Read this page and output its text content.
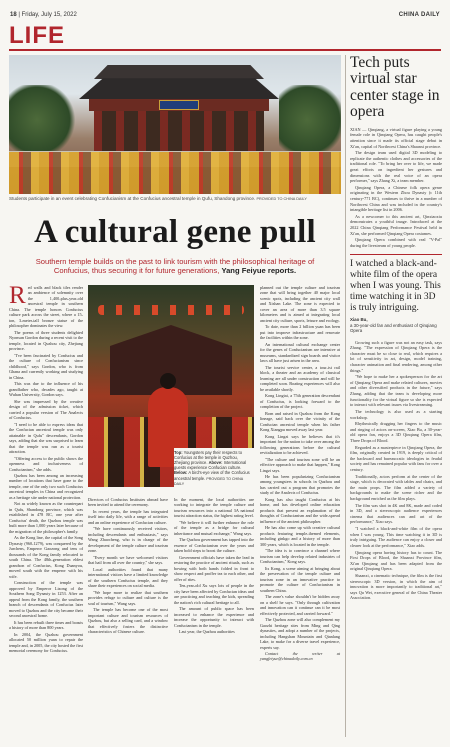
18 | Friday, July 15, 2022	CHINA DAILY
LIFE
Students participate in an event celebrating Confucianism at the Confucius ancestral temple in Qufu, Shandong province. PROVIDED TO CHINA DAILY
A cultural gene pull
Southern temple builds on the past to link tourism with the philosophical heritage of Confucius, thus securing it for future generations, Yang Feiyue reports.
R ed walls and black tiles render an ambience of solemnity over the 1,400-plus-year-old ancestral temple in southern China. The temple honors Confucius culture park across the street, where a 15-ton, 3-meter-tall bronze statue of the philosopher dominates the view.

The poems of three students delighted Nyonsan Gordon during a recent visit to the temple, located in Quzhou city, Zhejiang province.

"I've been fascinated by Confucius and the culture of Confucianism since childhood," says Gordon, who is from Ghana and currently working and studying in China.

This was due to the influence of his grandfather who, decades ago, taught at Wuhan University, Gordon says.

She was impressed by the creative design of the admission ticket, which carried a popular version of The Analects of Confucius.

"I need to be able to express ideas that the Confucian ancestral temple was only attainable in Qufu" descendants, Gordon says, adding that she was surprised to learn that the temple was run as a tourist attraction.

"Offering access to the public shows the openness and inclusiveness of Confucianism," she adds.

Quzhou has been among an increasing number of locations that have gone to the temple, one of the only two such Confucius ancestral temples in China and recognized as a heritage site under national protection.

Not as widely known as the counterpart in Qufu, Shandong province, which was established in 478 BC, one year after Confucius' death, the Quzhou temple was built more than 1,000 years later because of the migration of the philosopher's family.

As the Kong line, the capital of the Song Dynasty (960-1279), was conquered by the Jurchens, Emperor Gaozong and tens of thousands of the Kong family relocated to south China. The 48th-generation eldest grandson of Confucius, Kong Duanyou, moved south with the emperor with his wife.

Construction of the temple was approved by Emperor Lizong of the Southern Song Dynasty in 1253. After an appeal from the Kong family, the southern branch of descendants of Confucius later moved to Quzhou and the city became their second ancestral home.

It has been rebuilt three times and boasts a history of more than 800 years.

In 2004, the Quzhou government allocated 50 million yuan to repair the temple and, in 2005, the city hosted the first memorial ceremony for Confucius.

Top: Youngsters pay their respects to Confucius at the temple in Quzhou, Zhejiang province. Above: International guests experience Confucian culture. Below: A bird's-eye view of the Confucius ancestral temple. PROVIDED TO CHINA DAILY

Directors of Confucius Institutes abroad have been invited to attend the ceremony.

In recent years, the temple has integrated itself into daily life, with a range of activities and an online experience of Confucian culture.

"We have continuously received visitors, including descendants and enthusiasts," says Wang Zhaocheng, who is in charge of the development of the temple culture and tourism zone.

"Every month we have welcomed visitors that hail from all over the country," she says.

Local authorities found that many international visitors have a limited knowledge of the southern Confucius temple, and they share their experiences on social media.

"We hope more to realize that southern provides refuge to culture and culture is the soul of tourism," Wang says.

The temple has become one of the most important culture and tourism resources of Quzhou, but also a selling card, and a window that effectively fosters the distinctive characteristics of Chinese culture.

In the moment, the local authorities are working to integrate the temple culture and tourism resources into a national 3A national tourist attraction status, the highest rating level.

"We believe it will further enhance the role of the temple as a bridge for cultural inheritance and mutual exchange," Wang says.

The Quzhou government has tapped into the essence of Confucianism over the years and taken bold steps to boost the culture.

Government officials have taken the lead in restoring the practice of ancient rituals, such as bowing with both hands folded in front to show respect and proffer tea to each other, and offer of rites.

Ten-year-old Xu says lots of people in the city have been affected by Confucian ideas and are practicing and teaching the kids, spreading the nation's rich cultural heritage to all.

The amount of public space has been increased to enhance the experience and increase the opportunity to interact with Confucianism in the temple.

Last year, the Quzhou authorities

planned out the temple culture and tourism zone that will bring together 40 major local scenic spots, including the ancient city wall and Xishan Lake. The zone is expected to cover an area of more than 3.5 square kilometers and is aimed at integrating local ancient city culture, sports, leisure and ecology.

To date, more than 2 billion yuan has been put into improve infrastructure and renovate the facilities within the zone.

An international cultural exchange center for the genes of Confucianism are intensive at museums, standardized sign boards and visitor laws all have just arisen in the area.

The tourist service center, a tour-ist rail block, a theater and an academy of classical learning are all under construction and will be completed soon. Boating experiences will also be available shortly.

Kong Lingtai, a 75th generation descendant of Confucius, is looking forward to the completion of the project.

Born and raised in Quzhou from the Kong lineage, said back over the vicinity of the Confucian ancestral temple when his father Kong Xiangpu moved away last year.

Kong Lingzi says he believes that it's important for the nation to take over among the following generations before the cultural revitalization to be achieved.

"The culture and tourism zone will be an effective approach to make that happen," Kong Lingzi says.

He has been popularizing Confucianism among youngsters in schools in Quzhou and has carried out a program that promotes the study of the Analects of Confucius.

Kong has also taught Confucius at his home, and has developed online education products that present an explanation of the thoughts of Confucianism and the wide-spread influence of the ancient philosopher.

He has also come up with creative cultural products featuring temple-themed elements, including ginkgo and a history of more than 300 years, which is located in the temple.

"The idea is to convince a channel where tourism can help develop related industries of Confucianism," Kong says.

Its Kong, a scene aiming at bringing about the preservation of the temple culture and tourism zone in an innovative practice to promote the culture of Confucianism in southern China.

The zone's value shouldn't be hidden away on a shelf he says. "Only through cultivation and innovation can it continue can it be most effectively protected, and carried forward."

The Quzhou zone will also complement my Gaozhi heritage sites from Ming and Qing dynasties, and adopt a number of the projects, including Hangshan Mountain and Qianlang Lake, to make for a diverse travel experience, experts say.

Contact the writer at yangfeiyue@chinadaily.com.cn

Tech puts virtual star center stage in opera

XIAN — Qinqiang, a virtual figure playing a young female role in Qinqiang Opera, has caught people's attention since it made its official stage debut in Xi'an, capital of Northwest China's Shaanxi province.

The design team used digital 3D modeling to replicate the authentic clothes and accessories of the traditional role. "To bring her over to life, we made great efforts on ingredient her gestures and dimensions with the real voice of an opera performer," says Zhang Xi, a team member.

Qinqiang Opera, a Chinese folk opera genre originating in the Western Zhou Dynasty (c 11th century-771 BC), continues to thrive in a number of Northwest China and was included in the country's intangible heritage list in 2006.

As a newcomer to this ancient art, Qinxiaoxiu demonstrates a youthful image. Introduced at the 2022 China Qinqiang Performance Festival held in Xi'an, she performed Qinqiang Opera costumes.

Qinqiang Opera combined with real "V-Pal" during the livestream of young people.

I watched a black-and-white film of the opera when I was young. This time watching it in 3D is truly intriguing.
Xiao Bu,
a 30-year-old fan and enthusiast of Qinqiang Opera

Growing such a figure was not an easy task, says Zhang. "The expression of Qinqiang Opera is the character must be so close to real, which requires a lot of sensitivity in art, design, model training, character animation and final rendering, among other things."

"We hope to make her a spokesperson for the art of Qinqiang Opera and make related cultures, movies and other diversified products in the future," says Zhang, adding that the team is developing more functionality for the virtual figure so she is expected to interact with relevant issues via livestreaming.

The technology is also used as a starting workshop.

Rhythmically dragging her fingers to the music and ringing of actors on-screen, Xiao Bu, a 30-year-old opera fan, enjoys a 3D Qinqiang Opera film, Three Drops of Blood.

Regarded as a masterpiece in Qinqiang Opera, the film, originally created in 1919, is deeply critical of the backward and bureaucratic ideologies in feudal society and has remained popular with fans for over a century.

Traditionally, actors perform at the center of the stage, which is decorated with tables and chairs, and the main props. The film added a variety of backgrounds to make the scene richer and the background enriched as the film plays.

The film was shot in 4K and 8K, made and coded in 3D, and a stereoscopic audience experiences cinema that audiences can and art of the performance," Xiao says.

"I watched a black-and-white film of the opera when I was young. This time watching it in 3D is truly intriguing. The audience can enjoy a closer and clearer look at the performance," Xiao adds.

Qinqiang opera having history has to count. The First Drops of Blood, the Shaanxi Province film, Xi'an Qinqiang and has been adapted from the original Qinqiang Opera.

Shaanxi, a cinematic technique, the film is the first stereoscopic 3D version, in which the aim of innovation is more importantly to traditional art," says Qu Wei, executive general of the China Theater Association.
